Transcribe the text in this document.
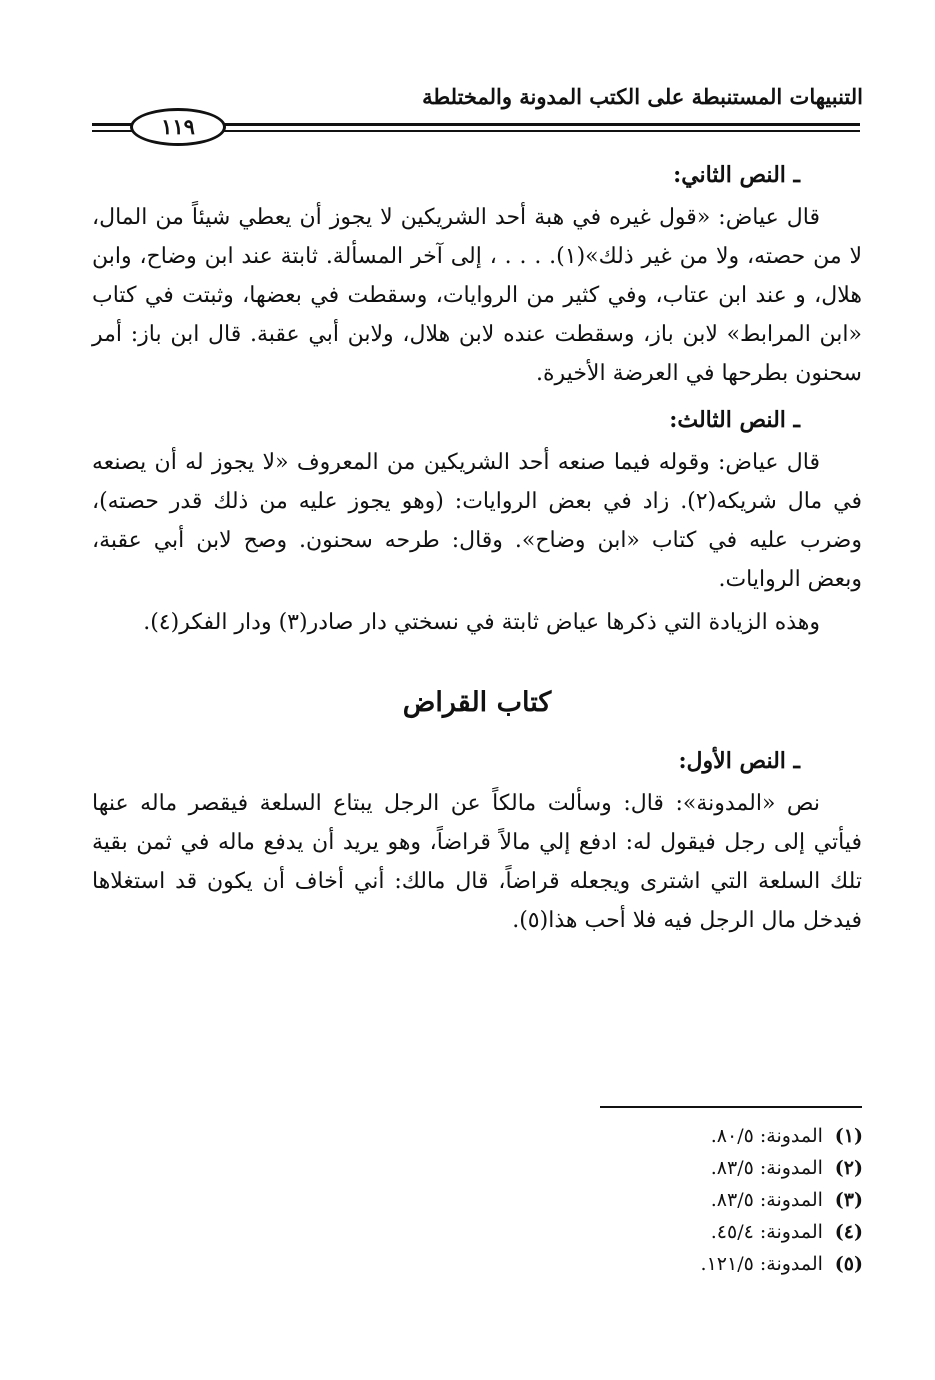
التنبيهات المستنبطة على الكتب المدونة والمختلطة
١١٩
ـ النص الثاني:

قال عياض: «قول غيره في هبة أحد الشريكين لا يجوز أن يعطي شيئاً من المال، لا من حصته، ولا من غير ذلك»(١). . . . ، إلى آخر المسألة. ثابتة عند ابن وضاح، وابن هلال، و عند ابن عتاب، وفي كثير من الروايات، وسقطت في بعضها، وثبتت في كتاب «ابن المرابط» لابن باز، وسقطت عنده لابن هلال، ولابن أبي عقبة. قال ابن باز: أمر سحنون بطرحها في العرضة الأخيرة.

ـ النص الثالث:

قال عياض: وقوله فيما صنعه أحد الشريكين من المعروف «لا يجوز له أن يصنعه في مال شريكه(٢). زاد في بعض الروايات: (وهو يجوز عليه من ذلك قدر حصته)، وضرب عليه في كتاب «ابن وضاح». وقال: طرحه سحنون. وصح لابن أبي عقبة، وبعض الروايات.

وهذه الزيادة التي ذكرها عياض ثابتة في نسختي دار صادر(٣) ودار الفكر(٤).

كتاب القراض
ـ النص الأول:

نص «المدونة»: قال: وسألت مالكاً عن الرجل يبتاع السلعة فيقصر ماله عنها فيأتي إلى رجل فيقول له: ادفع إلي مالاً قراضاً، وهو يريد أن يدفع ماله في ثمن بقية تلك السلعة التي اشترى ويجعله قراضاً، قال مالك: أني أخاف أن يكون قد استغلاها فيدخل مال الرجل فيه فلا أحب هذا(٥).

(١) المدونة: ٨٠/٥.
(٢) المدونة: ٨٣/٥.
(٣) المدونة: ٨٣/٥.
(٤) المدونة: ٤٥/٤.
(٥) المدونة: ١٢١/٥.
